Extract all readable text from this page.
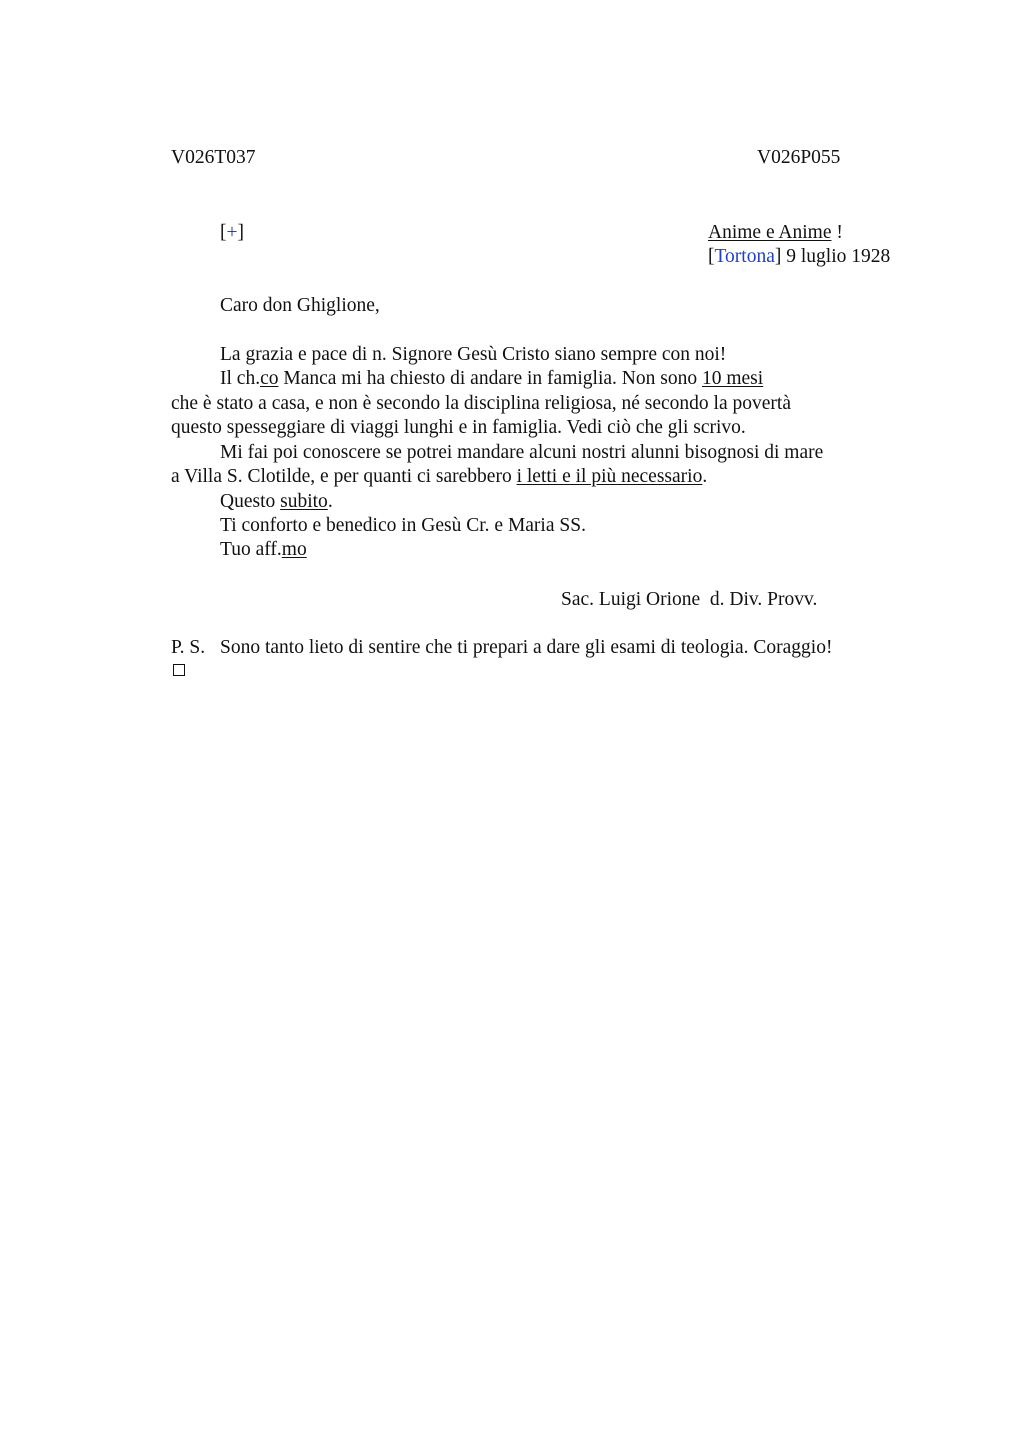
V026T037	V026P055
[+]	Anime e Anime !
[Tortona] 9 luglio 1928
Caro don Ghiglione,
La grazia e pace di n. Signore Gesù Cristo siano sempre con noi!
Il ch.co Manca mi ha chiesto di andare in famiglia. Non sono 10 mesi
che è stato a casa, e non è secondo la disciplina religiosa, né secondo la povertà
questo spesseggiare di viaggi lunghi e in famiglia. Vedi ciò che gli scrivo.
Mi fai poi conoscere se potrei mandare alcuni nostri alunni bisognosi di mare
a Villa S. Clotilde, e per quanti ci sarebbero i letti e il più necessario.
Questo subito.
Ti conforto e benedico in Gesù Cr. e Maria SS.
Tuo aff.mo
Sac. Luigi Orione  d. Div. Provv.
P. S. Sono tanto lieto di sentire che ti prepari a dare gli esami di teologia. Coraggio!
